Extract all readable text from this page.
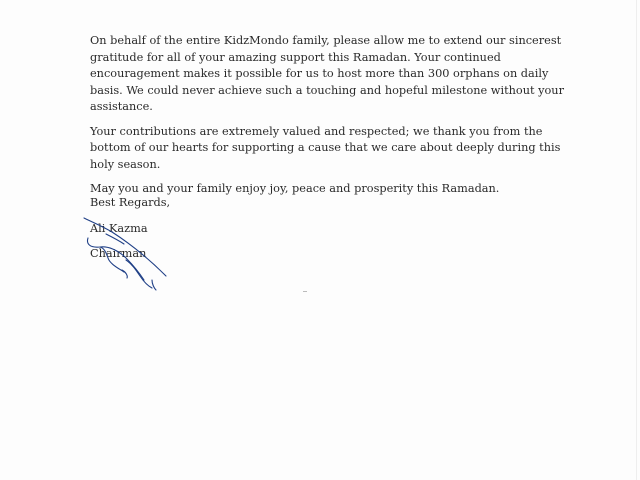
On behalf of the entire KidzMondo family, please allow me to extend our sincerest gratitude for all of your amazing support this Ramadan. Your continued encouragement makes it possible for us to host more than 300 orphans on daily basis. We could never achieve such a touching and hopeful milestone without your assistance.

Your contributions are extremely valued and respected; we thank you from the bottom of our hearts for supporting a cause that we care about deeply during this holy season.

May you and your family enjoy joy, peace and prosperity this Ramadan.

Best Regards,
Ali Kazma
Chairman
